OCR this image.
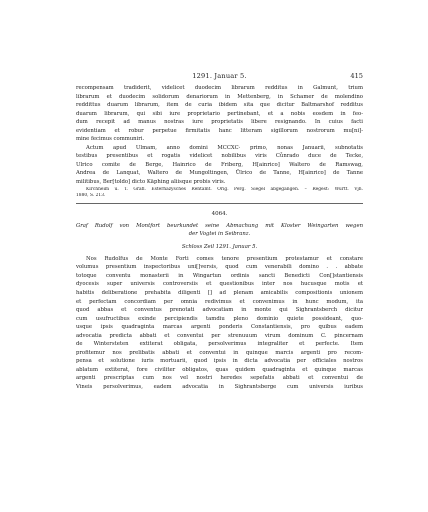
1291. Januar 5.	415
recompensam tradiderit, videlicet duodecim librarum redditus in Galmunt, trium
librarum et duodecim solidorum denariorum in Mettenberg, in Schamer de molendino
reddittus duarum librarum, item de curia ibidem sita que dicitur Baltmarshof redditus
duarum librarum, qui sibi iure proprietario pertinebant, et a nobis eosdem in feo-
dum recepit ad manus nostras iure proprietatis libere resignando. In cuius facti
evidentiam et robur perpetue firmitatis hanc litteram sigillorum nostrorum mu[ni]-
mine fecimus communiri.
Actum apud Ulmam, anno domini MCCXC· primo, nonas Januarii, subnotatis
testibus presentibus et rogatis videlicet nobilibus viris Cůnrado duce de Tecke,
Ulrico comite de Berge, Hainrico de Friberg, H[ainrico] Waltero de Ramswag,
Andrea de Lanquat, Waltero de Mungoltingen, Ůlrico de Tanne, H[ainrico] de Tanne
militibus, Ber[toldo] dicto Käphing aliisque probis viris.
Kirchheim u. T. Gräfl. Esterhazysches Rentamt. Orig. Perg. Siegel abgegangen. – Regest: Württ. Vjh.
1880, S. 213.
4064.
Graf Rudolf von Montfort beurkundet seine Abmachung mit Kloster Weingarten wegen
der Vogtei in Seibranz.
Schloss Zeil 1291. Januar 5.
Nos Rudolfus de Monte Forti comes tenore presentium protestamur et constare
volumus presentium inspectoribus uni[]versis, quod cum venerabili domino . . abbate
totoque conventu monasterii in Wingartun ordinis sancti Benedicti Con[]stantiensis
dyocesis super universis controversiis et questionibus inter nos hucusque motis et
habitis deliberatione prehabita diligenti [] ad plenam amicabilis compositionis unionem
et perfectam concordiam per omnia redivimus et convenimus in hunc modum, ita
quod abbas et conventus prenotati advocatiam in monte qui Sighrantsberch dicitur
cum usufructibus exinde percipiendis tamdiu pleno dominio quiete possideant, quo-
usque ipsis quadraginta marcas argenti ponderis Constantiensis, pro quibus eadem
advocatia predicta abbati et conventui per strenuuum virum dominum C. pincernam
de Wintersteten extiterat obligata, persolverimus integraliter et perfecte. Item
profitemur nos prelibatis abbati et conventui in quinque marcis argenti pro recom-
pensa et solutione iuris mortuarii, quod ipsis in dicta advocatia per officiales nostros
ablatum extiterat, fore civiliter obligatos, quas quidem quadraginta et quinque marcas
argenti prescriptas cum nos vel nostri heredes sepefatis abbati et conventui de
Vineis persolverimus, eadem advocatia in Sighrantsberge cum universis iuribus
